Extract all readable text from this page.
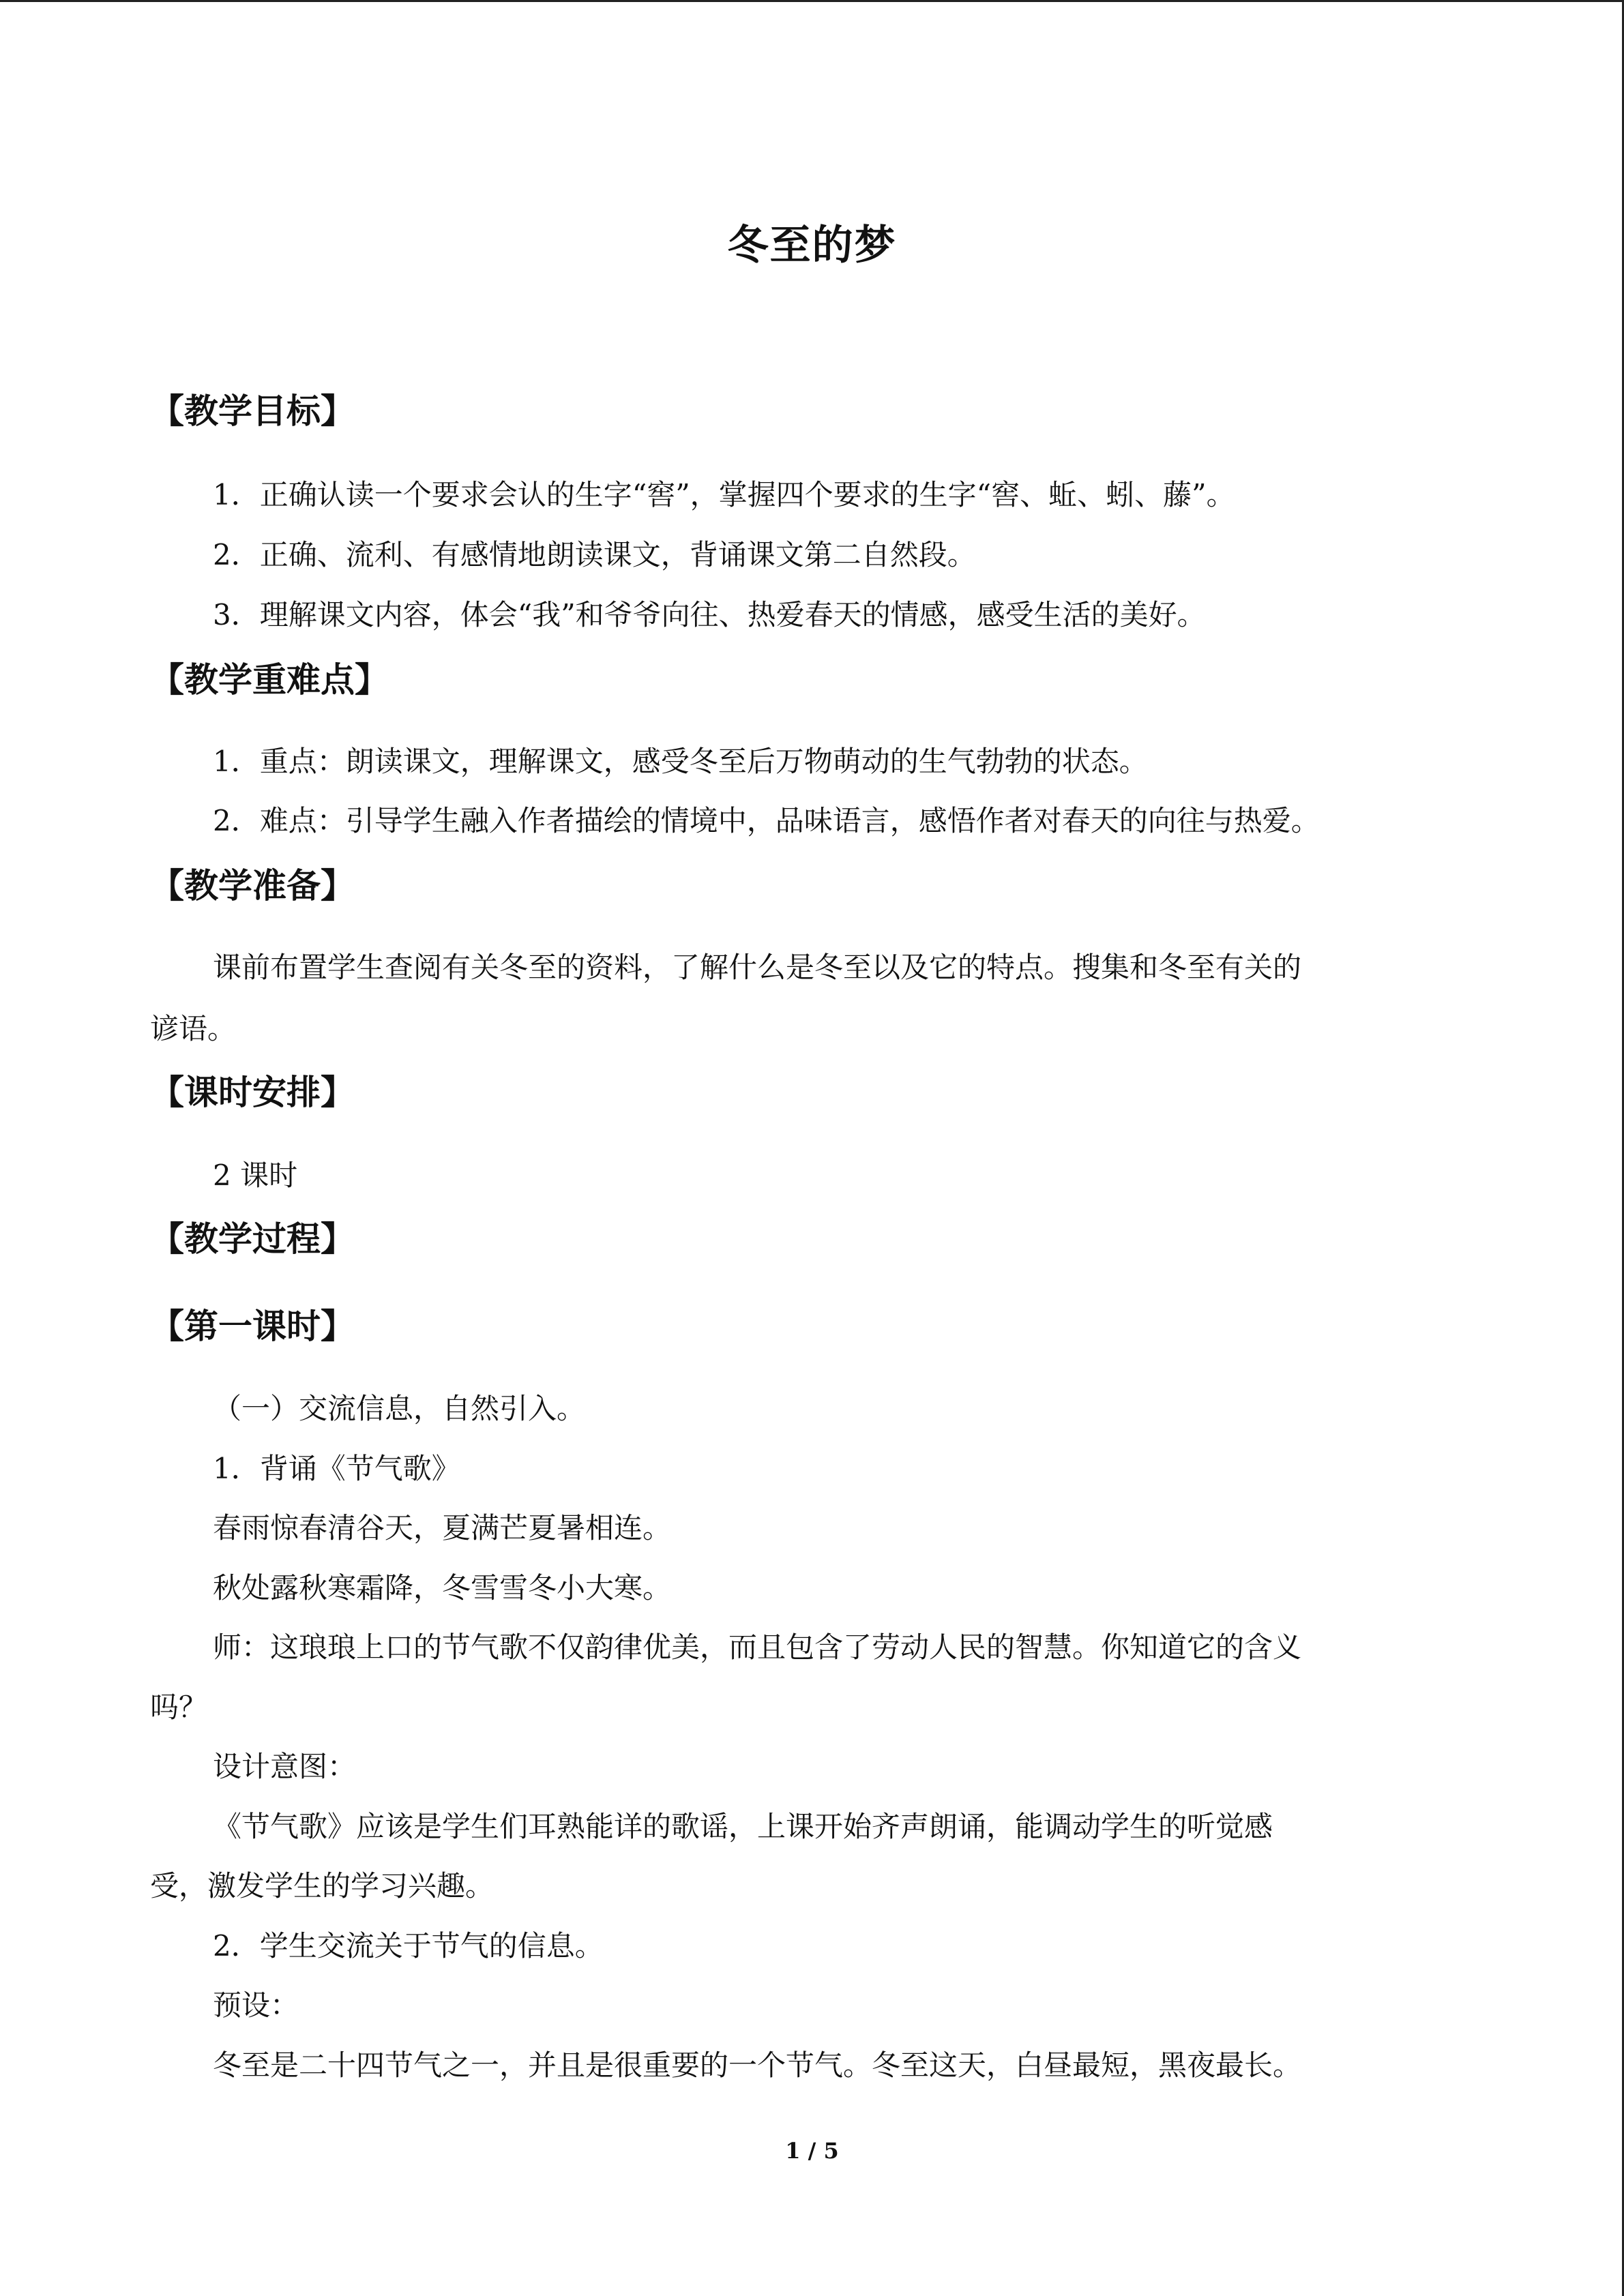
冬至的梦
【教学目标】
1．正确认读一个要求会认的生字“窖”，掌握四个要求的生字“窖、蚯、蚓、藤”。
2．正确、流利、有感情地朗读课文，背诵课文第二自然段。
3．理解课文内容，体会“我”和爷爷向往、热爱春天的情感，感受生活的美好。
【教学重难点】
1．重点：朗读课文，理解课文，感受冬至后万物萌动的生气勃勃的状态。
2．难点：引导学生融入作者描绘的情境中，品味语言，感悟作者对春天的向往与热爱。
【教学准备】
课前布置学生查阅有关冬至的资料，了解什么是冬至以及它的特点。搜集和冬至有关的
谚语。
【课时安排】
2 课时
【教学过程】
【第一课时】
（一）交流信息，自然引入。
1．背诵《节气歌》
春雨惊春清谷天，夏满芒夏暑相连。
秋处露秋寒霜降，冬雪雪冬小大寒。
师：这琅琅上口的节气歌不仅韵律优美，而且包含了劳动人民的智慧。你知道它的含义
吗？
设计意图：
《节气歌》应该是学生们耳熟能详的歌谣，上课开始齐声朗诵，能调动学生的听觉感
受，激发学生的学习兴趣。
2．学生交流关于节气的信息。
预设：
冬至是二十四节气之一，并且是很重要的一个节气。冬至这天，白昼最短，黑夜最长。
1 / 5
